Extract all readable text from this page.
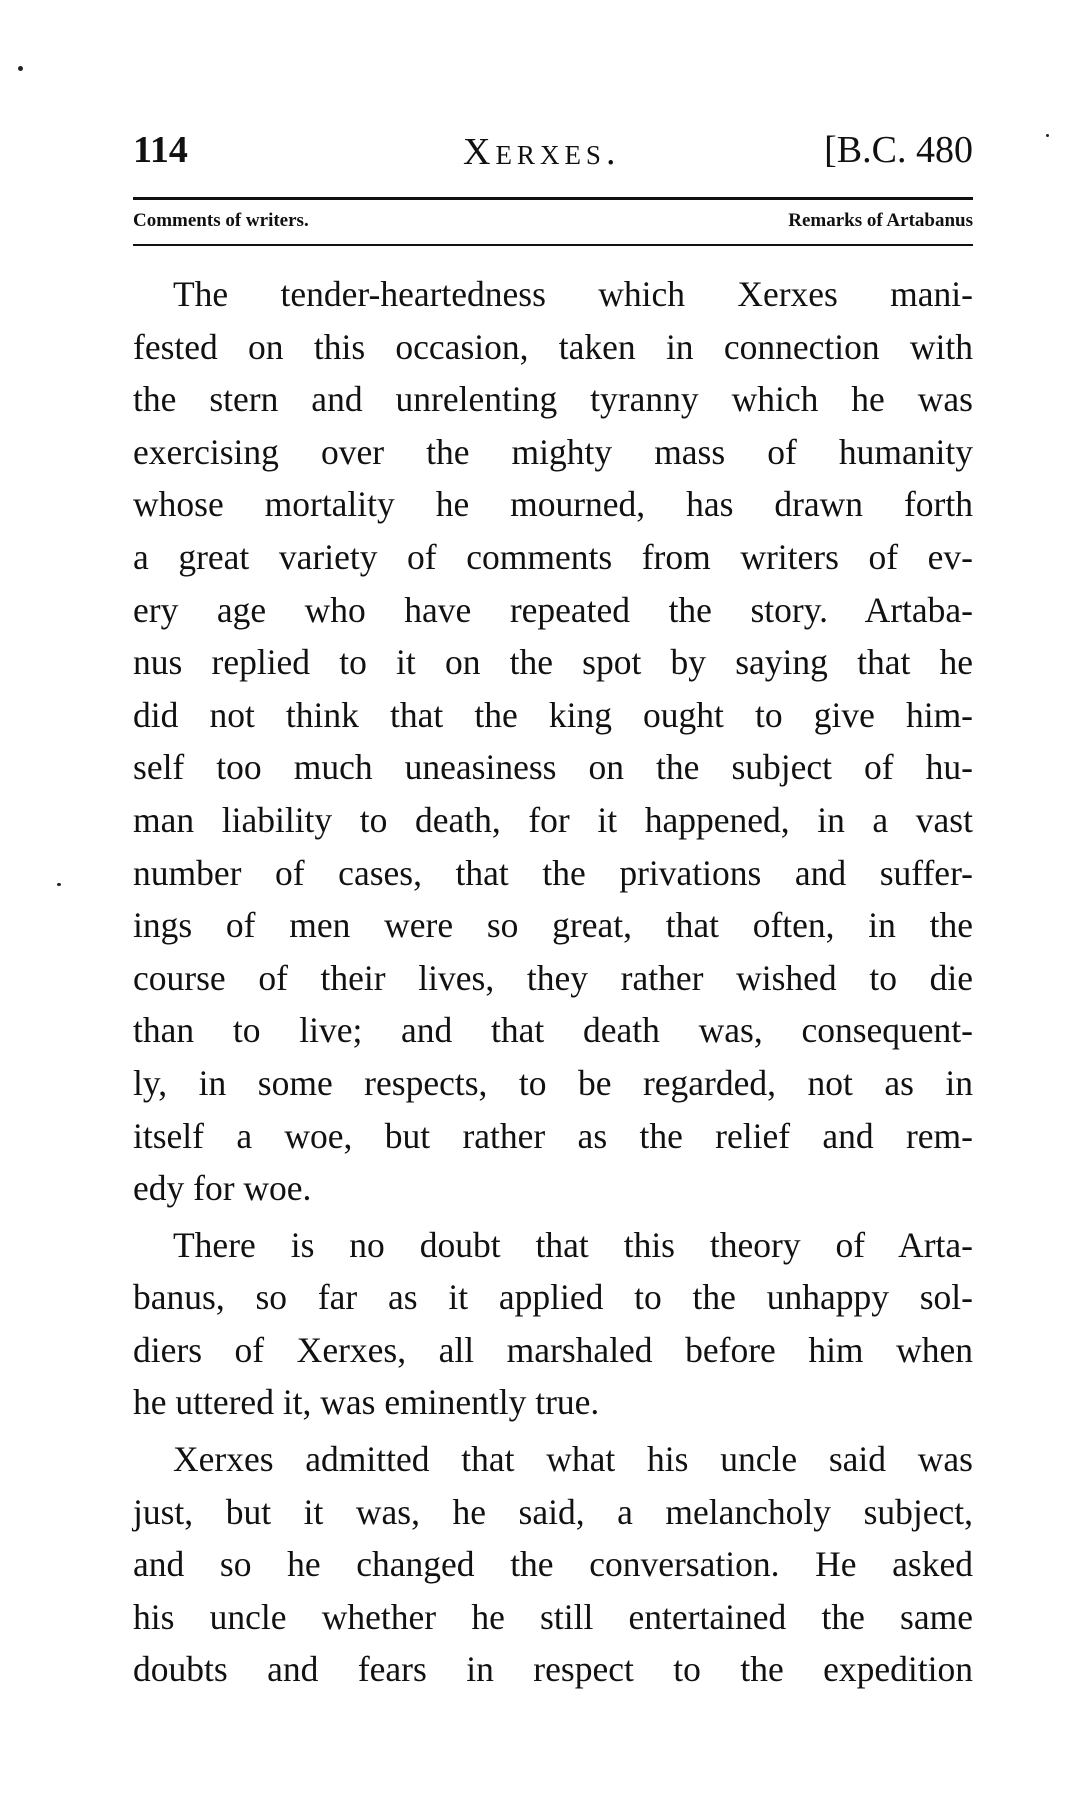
114	Xerxes.	[B.C. 480
Comments of writers.	Remarks of Artabanus
The tender-heartedness which Xerxes mani-
fested on this occasion, taken in connection with
the stern and unrelenting tyranny which he was
exercising over the mighty mass of humanity
whose mortality he mourned, has drawn forth
a great variety of comments from writers of ev-
ery age who have repeated the story. Artaba-
nus replied to it on the spot by saying that he
did not think that the king ought to give him-
self too much uneasiness on the subject of hu-
man liability to death, for it happened, in a vast
number of cases, that the privations and suffer-
ings of men were so great, that often, in the
course of their lives, they rather wished to die
than to live; and that death was, consequent-
ly, in some respects, to be regarded, not as in
itself a woe, but rather as the relief and rem-
edy for woe.
There is no doubt that this theory of Arta-
banus, so far as it applied to the unhappy sol-
diers of Xerxes, all marshaled before him when
he uttered it, was eminently true.
Xerxes admitted that what his uncle said was
just, but it was, he said, a melancholy subject,
and so he changed the conversation. He asked
his uncle whether he still entertained the same
doubts and fears in respect to the expedition
